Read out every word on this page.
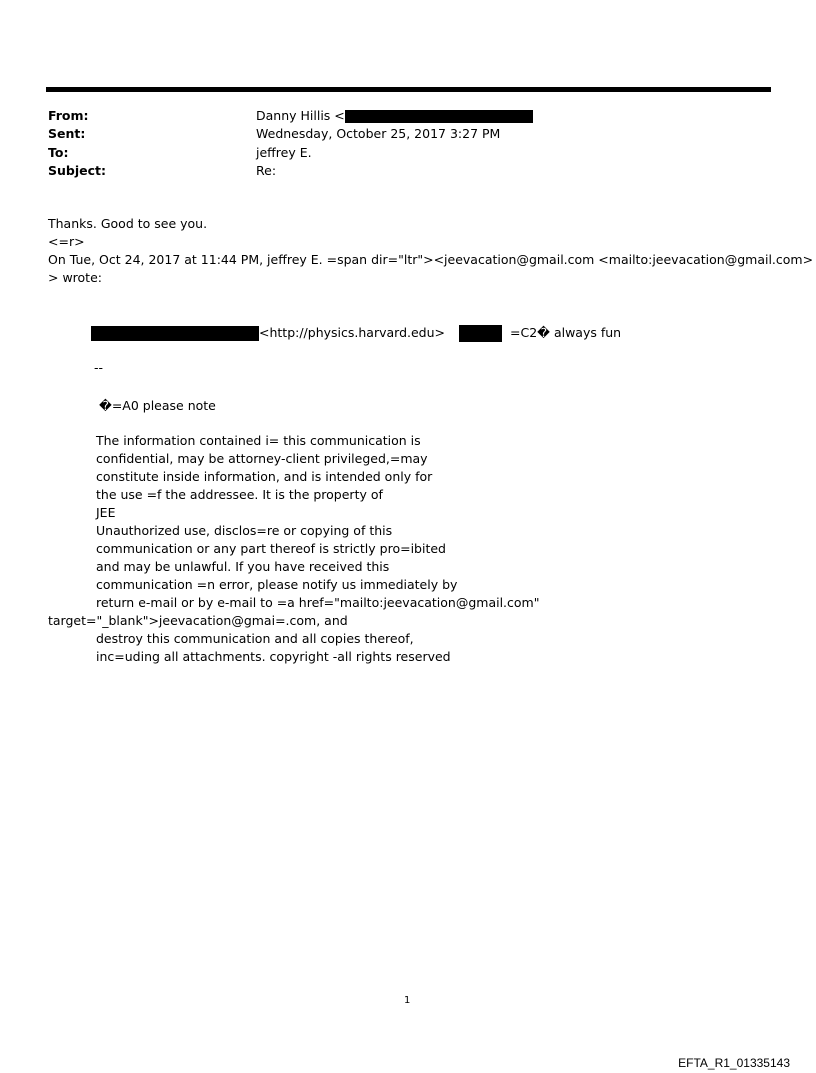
From:	Danny Hillis <
Sent:	Wednesday, October 25, 2017 3:27 PM
To:	jeffrey E.
Subject:	Re:
Thanks. Good to see you.
<=r>
On Tue, Oct 24, 2017 at 11:44 PM, jeffrey E. =span dir="ltr"><jeevacation@gmail.com <mailto:jeevacation@gmail.com>
> wrote:
<http://physics.harvard.edu>	=C2� always fun
--
�=A0 please note
The information contained i= this communication is
confidential, may be attorney-client privileged,=may
constitute inside information, and is intended only for
the use =f the addressee. It is the property of
JEE
Unauthorized use, disclos=re or copying of this
communication or any part thereof is strictly pro=ibited
and may be unlawful. If you have received this
communication =n error, please notify us immediately by
return e-mail or by e-mail to =a href="mailto:jeevacation@gmail.com"
target="_blank">jeevacation@gmai=.com, and
destroy this communication and all copies thereof,
inc=uding all attachments. copyright -all rights reserved
1
EFTA_R1_01335143
